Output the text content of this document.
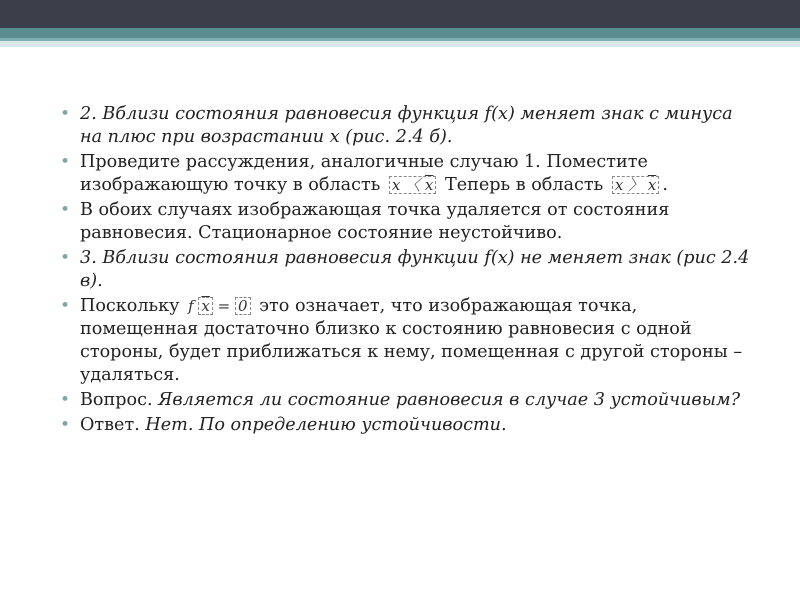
• 2. Вблизи состояния равновесия функция f(x) меняет знак с минуса на плюс при возрастании x (рис. 2.4 б).
• Проведите рассуждения, аналогичные случаю 1. Поместите изображающую точку в область x 〈 $\overline{x}$ Теперь в область x 〉 $\overline{x}$ .
• В обоих случаях изображающая точка удаляется от состояния равновесия. Стационарное состояние неустойчиво.
• 3. Вблизи состояния равновесия функции f(x) не меняет знак (рис 2.4 в).
• Поскольку f $\overline{x} = 0$ это означает, что изображающая точка, помещенная достаточно близко к состоянию равновесия с одной стороны, будет приближаться к нему, помещенная с другой стороны – удаляться.
• Вопрос. Является ли состояние равновесия в случае 3 устойчивым?
• Ответ. Нет. По определению устойчивости.
